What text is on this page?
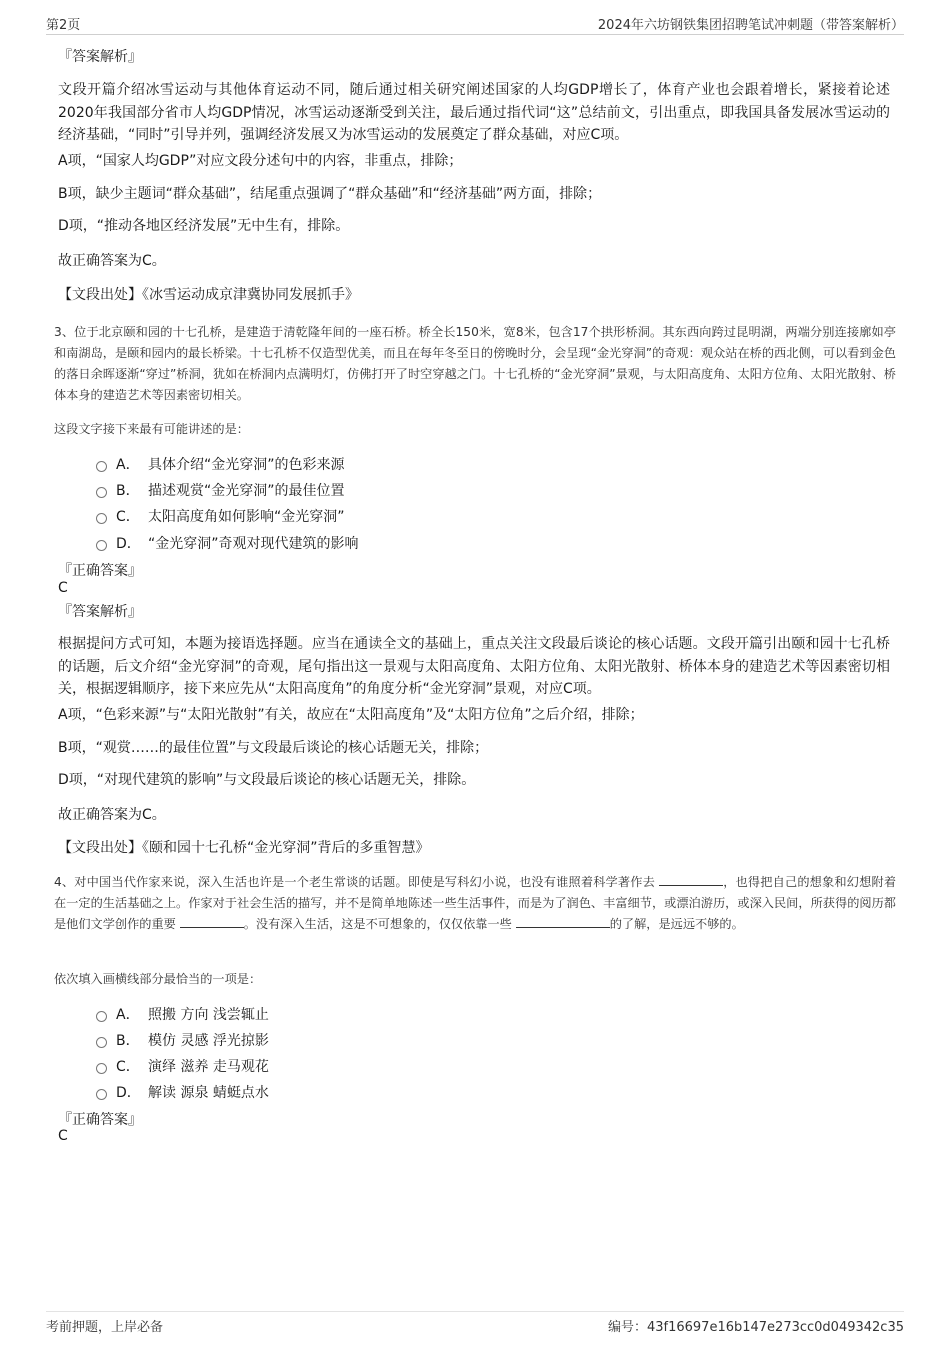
第2页	2024年六坊钢铁集团招聘笔试冲刺题（带答案解析）
『答案解析』
文段开篇介绍冰雪运动与其他体育运动不同，随后通过相关研究阐述国家的人均GDP增长了，体育产业也会跟着增长，紧接着论述2020年我国部分省市人均GDP情况，冰雪运动逐渐受到关注，最后通过指代词“这”总结前文，引出重点，即我国具备发展冰雪运动的经济基础，“同时”引导并列，强调经济发展又为冰雪运动的发展奠定了群众基础，对应C项。
A项，“国家人均GDP”对应文段分述句中的内容，非重点，排除；
B项，缺少主题词“群众基础”，结尾重点强调了“群众基础”和“经济基础”两方面，排除；
D项，“推动各地区经济发展”无中生有，排除。
故正确答案为C。
【文段出处】《冰雪运动成京津冀协同发展抓手》
3、位于北京颐和园的十七孔桥，是建造于清乾隆年间的一座石桥。桥全长150米，宽8米，包含17个拱形桥洞。其东西向跨过昆明湖，两端分别连接廓如亭和南湖岛，是颐和园内的最长桥梁。十七孔桥不仅造型优美，而且在每年冬至日的傍晚时分，会呈现“金光穿洞”的奇观：观众站在桥的西北侧，可以看到金色的落日余晖逐渐“穿过”桥洞，犹如在桥洞内点满明灯，仿佛打开了时空穿越之门。十七孔桥的“金光穿洞”景观，与太阳高度角、太阳方位角、太阳光散射、桥体本身的建造艺术等因素密切相关。
这段文字接下来最有可能讲述的是：
A． 具体介绍“金光穿洞”的色彩来源
B． 描述观赏“金光穿洞”的最佳位置
C． 太阳高度角如何影响“金光穿洞”
D． “金光穿洞”奇观对现代建筑的影响
『正确答案』
C
『答案解析』
根据提问方式可知，本题为接语选择题。应当在通读全文的基础上，重点关注文段最后谈论的核心话题。文段开篇引出颐和园十七孔桥的话题，后文介绍“金光穿洞”的奇观，尾句指出这一景观与太阳高度角、太阳方位角、太阳光散射、桥体本身的建造艺术等因素密切相关，根据逻辑顺序，接下来应先从“太阳高度角”的角度分析“金光穿洞”景观，对应C项。
A项，“色彩来源”与“太阳光散射”有关，故应在“太阳高度角”及“太阳方位角”之后介绍，排除；
B项，“观赏……的最佳位置”与文段最后谈论的核心话题无关，排除；
D项，“对现代建筑的影响”与文段最后谈论的核心话题无关，排除。
故正确答案为C。
【文段出处】《颐和园十七孔桥“金光穿洞”背后的多重智慧》
4、对中国当代作家来说，深入生活也许是一个老生常谈的话题。即使是写科幻小说，也没有谁照着科学著作去	，也得把自己的想象和幻想附着在一定的生活基础之上。作家对于社会生活的描写，并不是简单地陈述一些生活事件，而是为了润色、丰富细节，或漂泊游历，或深入民间，所获得的阅历都是他们文学创作的重要	。没有深入生活，这是不可想象的，仅仅依靠一些	的了解，是远远不够的。
依次填入画横线部分最恰当的一项是：
A． 照搬 方向 浅尝辄止
B． 模仿 灵感 浮光掠影
C． 演绎 滋养 走马观花
D． 解读 源泉 蜻蜓点水
『正确答案』
C
考前押题，上岸必备	编号：43f16697e16b147e273cc0d049342c35
